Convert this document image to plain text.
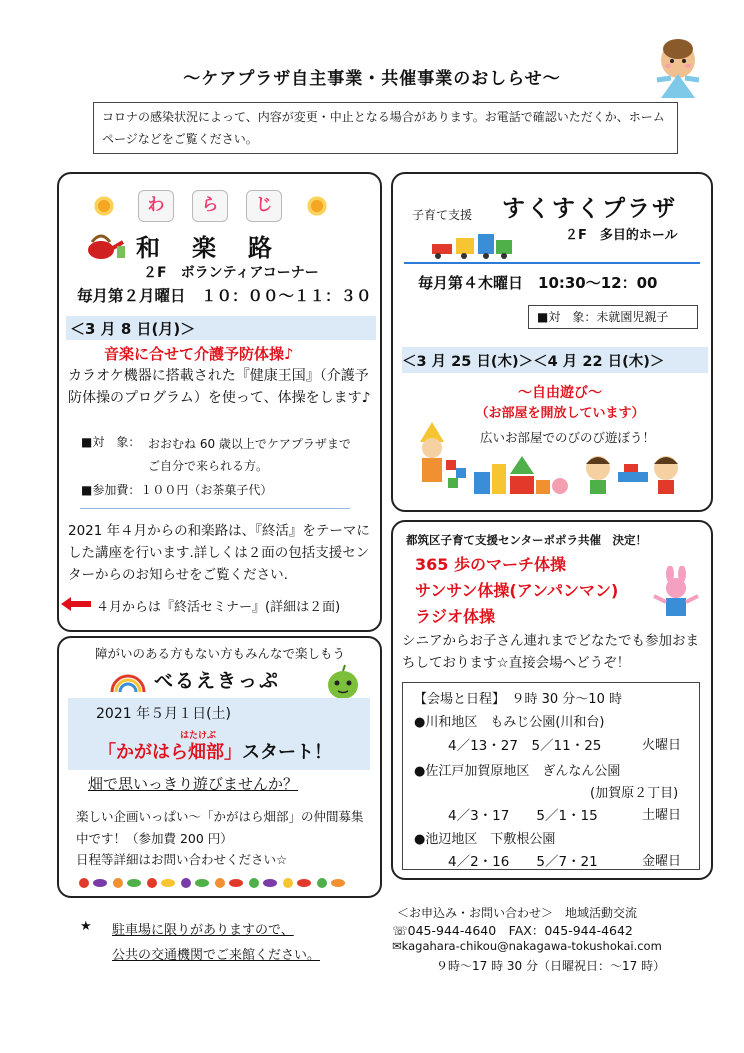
〜ケアプラザ自主事業・共催事業のおしらせ〜
コロナの感染状況によって、内容が変更・中止となる場合があります。お電話で確認いただくか、ホームページなどをご覧ください。
わ	ら	じ
和　楽　路
２F　ボランティアコーナー
毎月第２月曜日　１０：００〜１１：３０
＜3 月 8 日(月)＞
音楽に合せて介護予防体操♪
カラオケ機器に搭載された『健康王国』（介護予防体操のプログラム）を使って、体操をします♪
■対　象： おおむね 60 歳以上でケアプラザまでご自分で来られる方。
■参加費：１００円（お茶菓子代）
2021 年４月からの和楽路は、『終活』をテーマにした講座を行います.詳しくは２面の包括支援センターからのお知らせをご覧ください.
４月からは『終活セミナー』(詳細は２面)
子育て支援 すくすくプラザ
２F　多目的ホール
毎月第４木曜日　10:30〜12：00
■対　象：未就園児親子
＜3 月 25 日(木)＞＜4 月 22 日(木)＞
〜自由遊び〜
（お部屋を開放しています）
広いお部屋でのびのび遊ぼう！
都筑区子育て支援センターポポラ共催　決定！
365 歩のマーチ体操
サンサン体操(アンパンマン)
ラジオ体操
シニアからお子さん連れまでどなたでも参加おまちしております☆直接会場へどうぞ！
【会場と日程】　９時 30 分〜10 時
●川和地区　もみじ公園(川和台)
4／13・27　5／11・25	火曜日
●佐江戸加賀原地区　ぎんなん公園
(加賀原２丁目)
4／3・17　　5／1・15	土曜日
●池辺地区　下敷根公園
4／2・16　　5／7・21	金曜日
障がいのある方もない方もみんなで楽しもう
べるえきっぷ
2021 年５月１日(土)
はたけぶ
「かがはら畑部」スタート！
畑で思いっきり遊びませんか？
楽しい企画いっぱい〜「かがはら畑部」の仲間募集中です！（参加費 200 円）
日程等詳細はお問い合わせください☆
★ 駐車場に限りがありますので、
公共の交通機関でご来館ください。
＜お申込み・お問い合わせ＞　地域活動交流
☏045-944-4640　FAX：045-944-4642
✉kagahara-chikou@nakagawa-tokushokai.com
９時〜17 時 30 分（日曜祝日：〜17 時）
